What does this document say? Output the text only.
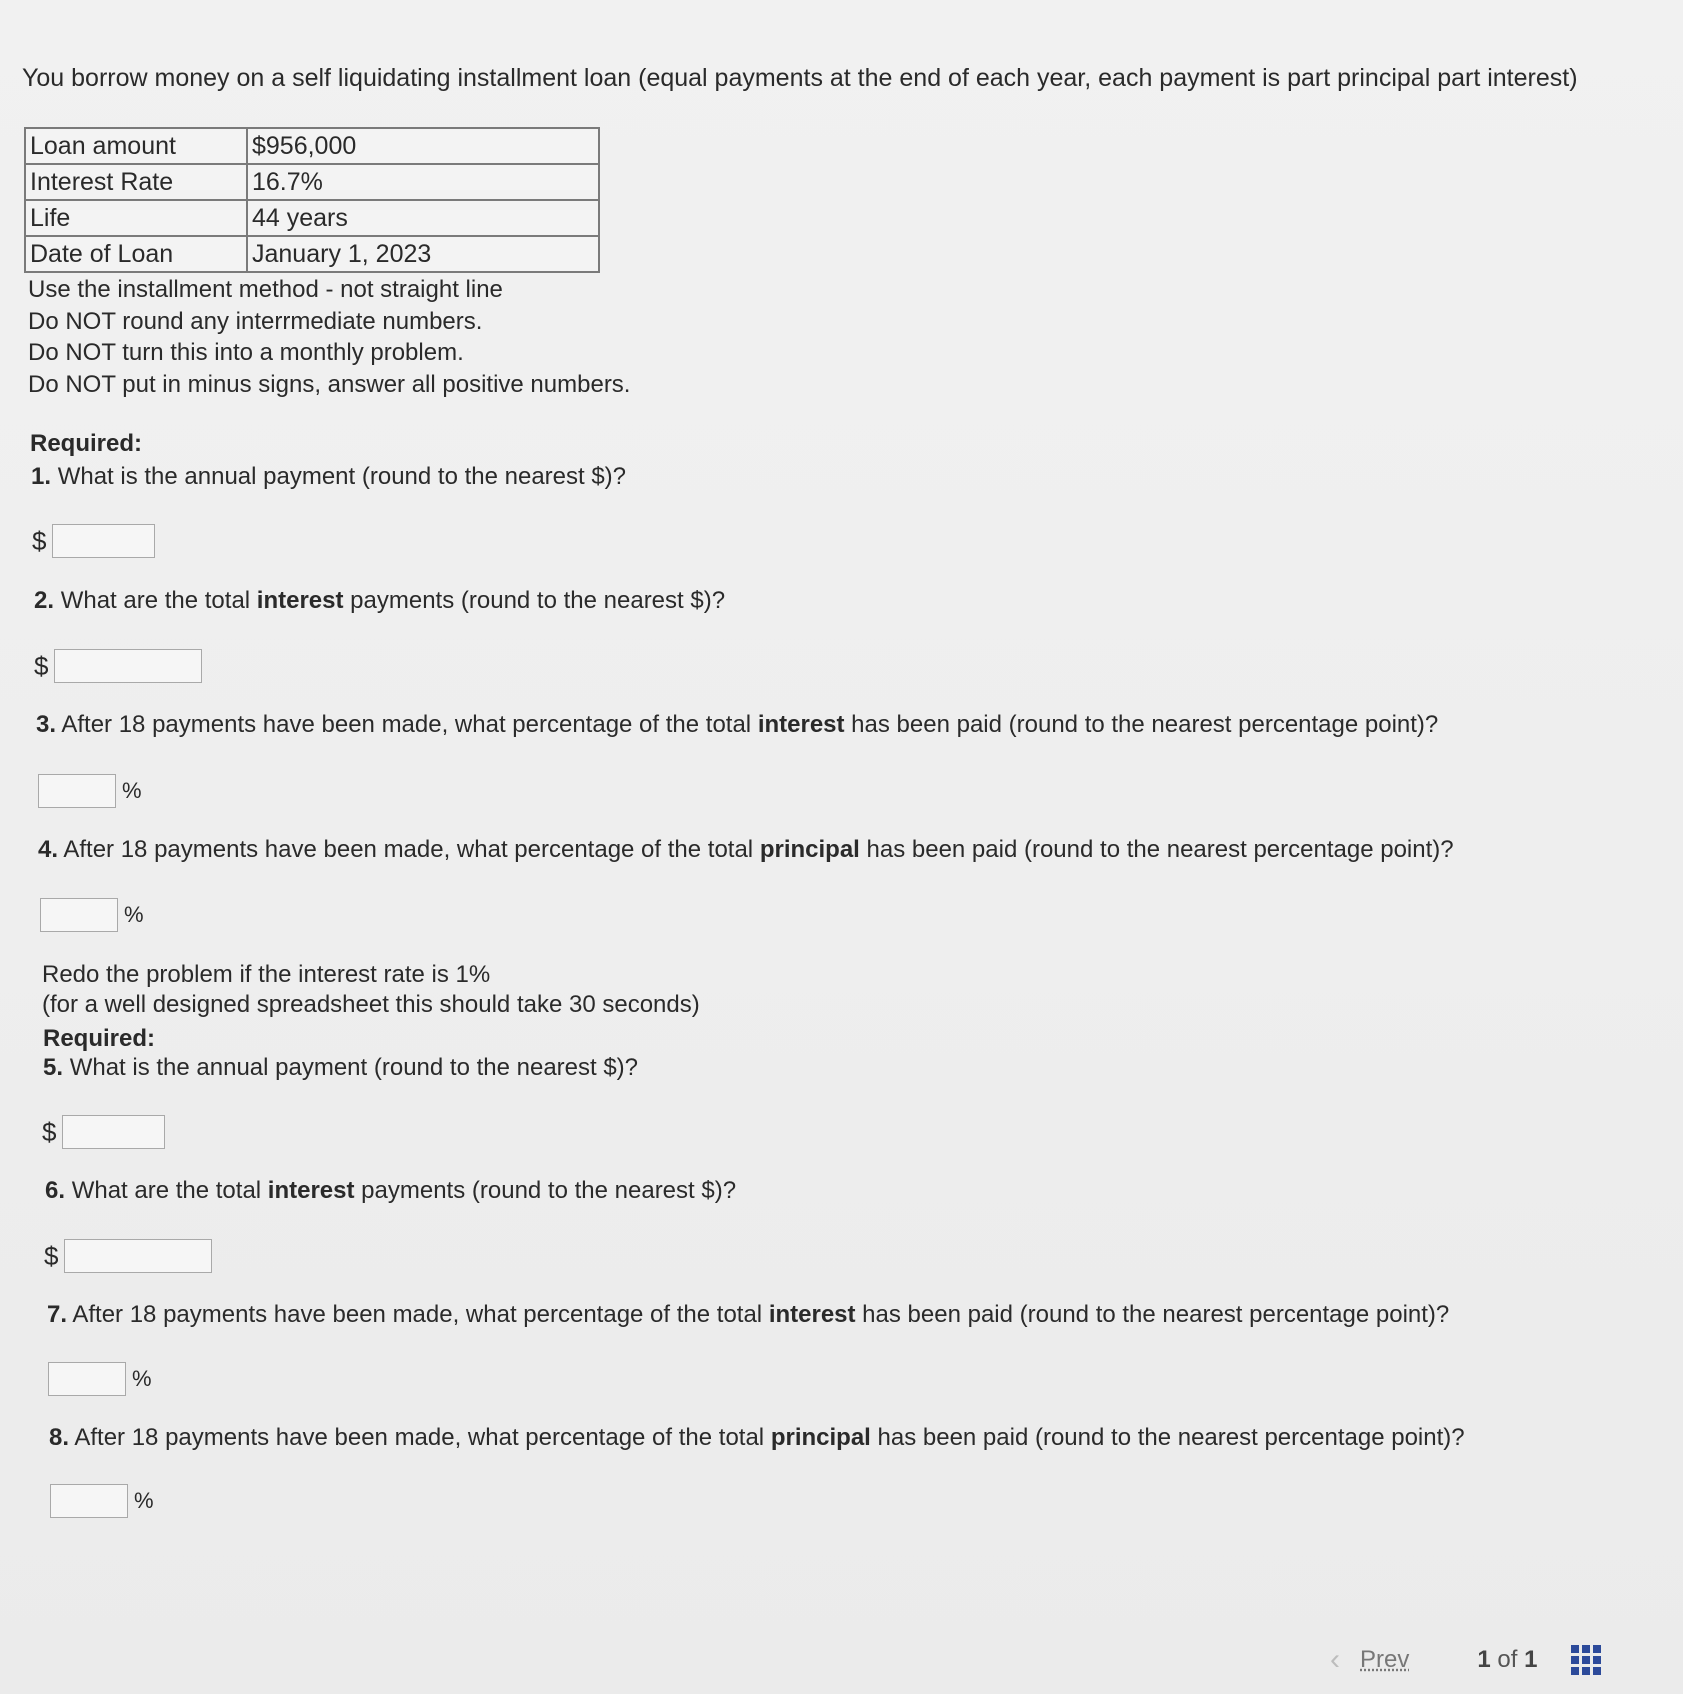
You borrow money on a self liquidating installment loan (equal payments at the end of each year, each payment is part principal part interest)
Loan amount	$956,000
Interest Rate	16.7%
Life	44 years
Date of Loan	January 1, 2023
Use the installment method - not straight line
Do NOT round any interrmediate numbers.
Do NOT turn this into a monthly problem.
Do NOT put in minus signs, answer all positive numbers.
Required:
1. What is the annual payment (round to the nearest $)?
$
2. What are the total interest payments (round to the nearest $)?
$
3. After 18 payments have been made, what percentage of the total interest has been paid (round to the nearest percentage point)?
%
4. After 18 payments have been made, what percentage of the total principal has been paid (round to the nearest percentage point)?
%
Redo the problem if the interest rate is 1%
(for a well designed spreadsheet this should take 30 seconds)
Required:
5. What is the annual payment (round to the nearest $)?
$
6. What are the total interest payments (round to the nearest $)?
$
7. After 18 payments have been made, what percentage of the total interest has been paid (round to the nearest percentage point)?
%
8. After 18 payments have been made, what percentage of the total principal has been paid (round to the nearest percentage point)?
%
‹ Prev	1 of 1
